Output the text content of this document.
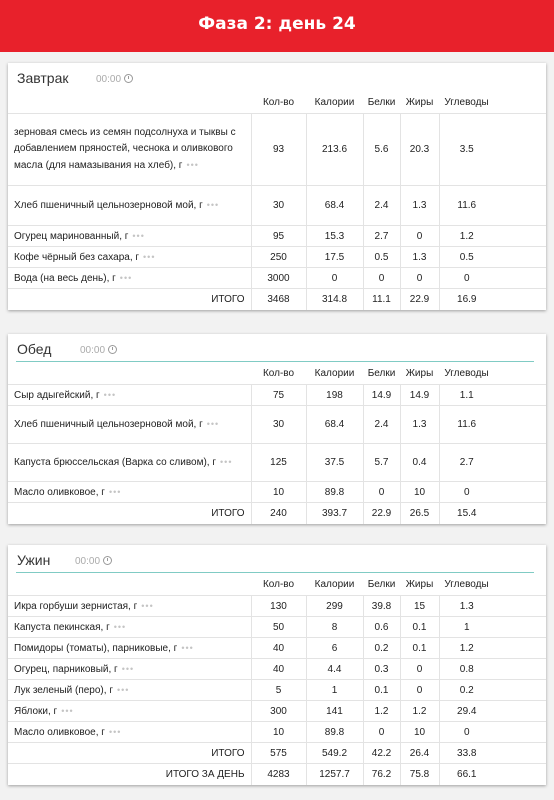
Фаза 2: день 24
Завтрак	00:00
	Кол-во	Калории	Белки	Жиры	Углеводы	
зерновая смесь из семян подсолнуха и тыквы с добавлением пряностей, чеснока и оливкового масла (для намазывания на хлеб), г •••	93	213.6	5.6	20.3	3.5	
Хлеб пшеничный цельнозерновой мой, г •••	30	68.4	2.4	1.3	11.6	
Огурец маринованный, г •••	95	15.3	2.7	0	1.2	
Кофе чёрный без сахара, г •••	250	17.5	0.5	1.3	0.5	
Вода (на весь день), г •••	3000	0	0	0	0	
ИТОГО	3468	314.8	11.1	22.9	16.9	
Обед	00:00
	Кол-во	Калории	Белки	Жиры	Углеводы	
Сыр адыгейский, г •••	75	198	14.9	14.9	1.1	
Хлеб пшеничный цельнозерновой мой, г •••	30	68.4	2.4	1.3	11.6	
Капуста брюссельская (Варка со сливом), г •••	125	37.5	5.7	0.4	2.7	
Масло оливковое, г •••	10	89.8	0	10	0	
ИТОГО	240	393.7	22.9	26.5	15.4	
Ужин 00:00
	Кол-во	Калории	Белки	Жиры	Углеводы	
Икра горбуши зернистая, г •••	130	299	39.8	15	1.3	
Капуста пекинская, г •••	50	8	0.6	0.1	1	
Помидоры (томаты), парниковые, г •••	40	6	0.2	0.1	1.2	
Огурец, парниковый, г •••	40	4.4	0.3	0	0.8	
Лук зеленый (перо), г •••	5	1	0.1	0	0.2	
Яблоки, г •••	300	141	1.2	1.2	29.4	
Масло оливковое, г •••	10	89.8	0	10	0	
ИТОГО	575	549.2	42.2	26.4	33.8	
ИТОГО ЗА ДЕНЬ	4283	1257.7	76.2	75.8	66.1	
